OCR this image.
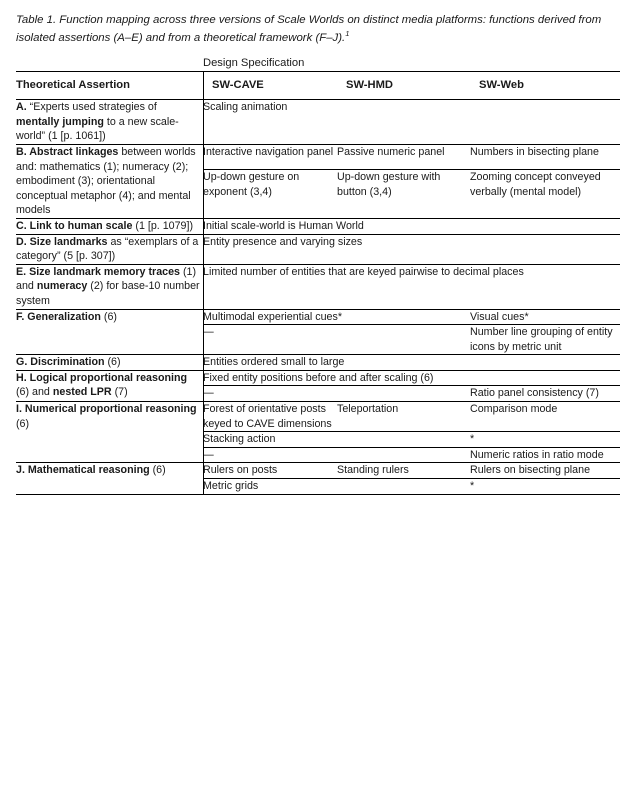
Table 1. Function mapping across three versions of Scale Worlds on distinct media platforms: functions derived from isolated assertions (A–E) and from a theoretical framework (F–J).$^1$
	Design Specification		

Theoretical Assertion	SW-CAVE	SW-HMD	SW-Web

A. “Experts used strategies of mentally jumping to a new scale-world” (1 [p. 1061])	Scaling animation		
B. Abstract linkages between worlds and: mathematics (1); numeracy (2); embodiment (3); orientational conceptual metaphor (4); and mental models	Interactive navigation panel	Passive numeric panel	Numbers in bisecting plane
	Up-down gesture on exponent (3,4)	Up-down gesture with button (3,4)	Zooming concept conveyed verbally (mental model)
C. Link to human scale (1 [p. 1079])	Initial scale-world is Human World		
D. Size landmarks as “exemplars of a category” (5 [p. 307])	Entity presence and varying sizes		
E. Size landmark memory traces (1) and numeracy (2) for base-10 number system	Limited number of entities that are keyed pairwise to decimal places		
F. Generalization (6)	Multimodal experiential cues*		Visual cues*
	—		Number line grouping of entity icons by metric unit
G. Discrimination (6)	Entities ordered small to large		
H. Logical proportional reasoning (6) and nested LPR (7)	Fixed entity positions before and after scaling (6)		
	—		Ratio panel consistency (7)
I. Numerical proportional reasoning (6)	Forest of orientative posts keyed to CAVE dimensions	Teleportation	Comparison mode
	Stacking action		*
	—		Numeric ratios in ratio mode
J. Mathematical reasoning (6)	Rulers on posts	Standing rulers	Rulers on bisecting plane
	Metric grids		*
